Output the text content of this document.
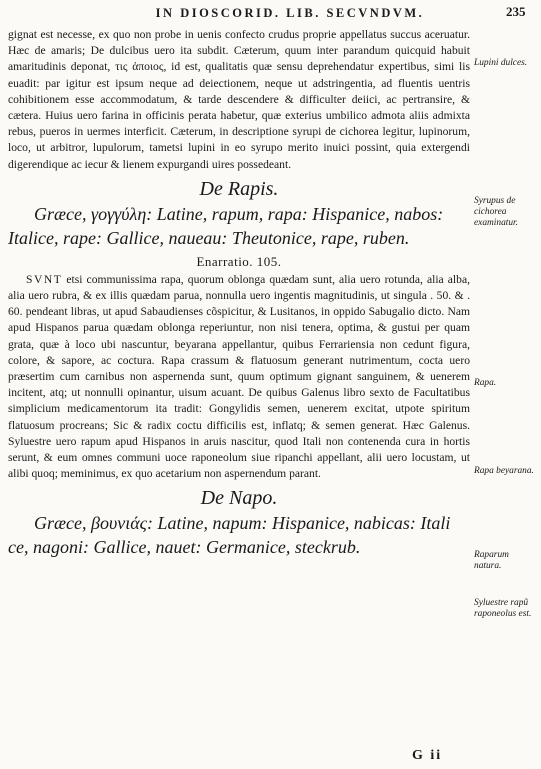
IN DIOSCORID. LIB. SECVNDVM.	235

gignat est necesse, ex quo non probe in uenis confecto crudus proprie appellatus succus aceruatur. Hæc de amaris; De dulcibus uero ita subdit. Cæterum, quum inter parandum quicquid habuit amaritudinis deponat, τις ἀποιος, id est, qualitatis quæ sensu deprehendatur expertibus, simi lis euadit: par igitur est ipsum neque ad deiectionem, neque ut adstringentia, ad fluentis uentris cohibitionem esse accommodatum, & tarde descendere & difficulter deiici, ac pertransire, & cætera. Huius uero farina in officinis perata habetur, quæ exterius umbilico admota aliis admixta rebus, pueros in uermes interficit. Cæterum, in descriptione syrupi de cichorea legitur, lupinorum, loco, ut arbitror, lupulorum, tametsi lupini in eo syrupo merito inuici possint, quia extergendi digerendique ac iecur & lienem expurgandi uires possedeant.

De Rapis.

Græce, γογγύλη: Latine, rapum, rapa: Hispanice, nabos:

Italice, rape: Gallice, naueau: Theutonice, rape, ruben.

Enarratio. 105.

SVNT etsi communissima rapa, quorum oblonga quædam sunt, alia uero rotunda, alia alba, alia uero rubra, & ex illis quædam parua, nonnulla uero ingentis magnitudinis, ut singula . 50. & . 60. pendeant libras, ut apud Sabaudienses cõspicitur, & Lusitanos, in oppido Sabugalio dicto. Nam apud Hispanos parua quædam oblonga reperiuntur, non nisi tenera, optima, & gustui per quam grata, quæ à loco ubi nascuntur, beyarana appellantur, quibus Ferrariensia non cedunt figura, colore, & sapore, ac coctura. Rapa crassum & flatuosum generant nutrimentum, cocta uero præsertim cum carnibus non aspernenda sunt, quum optimum gignant sanguinem, & uenerem incitent, atq; ut nonnulli opinantur, uisum acuant. De quibus Galenus libro sexto de Facultatibus simplicium medicamentorum ita tradit: Gongylidis semen, uenerem excitat, utpote spiritum flatuosum procreans; Sic & radix coctu difficilis est, inflatq; & semen generat. Hæc Galenus. Syluestre uero rapum apud Hispanos in aruis nascitur, quod Itali non contenenda cura in hortis serunt, & eum omnes communi uoce raponeolum siue ripanchi appellant, alii uero locustam, ut alibi quoq; meminimus, ex quo acetarium non aspernendum parant.

De Napo.

Græce, βουνιάς: Latine, napum: Hispanice, nabicas: Itali

ce, nagoni: Gallice, nauet: Germanice, steckrub.

Lupini dulces.
Syrupus de cichorea examinatur.
Rapa.
Rapa beyarana.
Raparum natura.
Syluestre rapũ raponeolus est.
G ii
